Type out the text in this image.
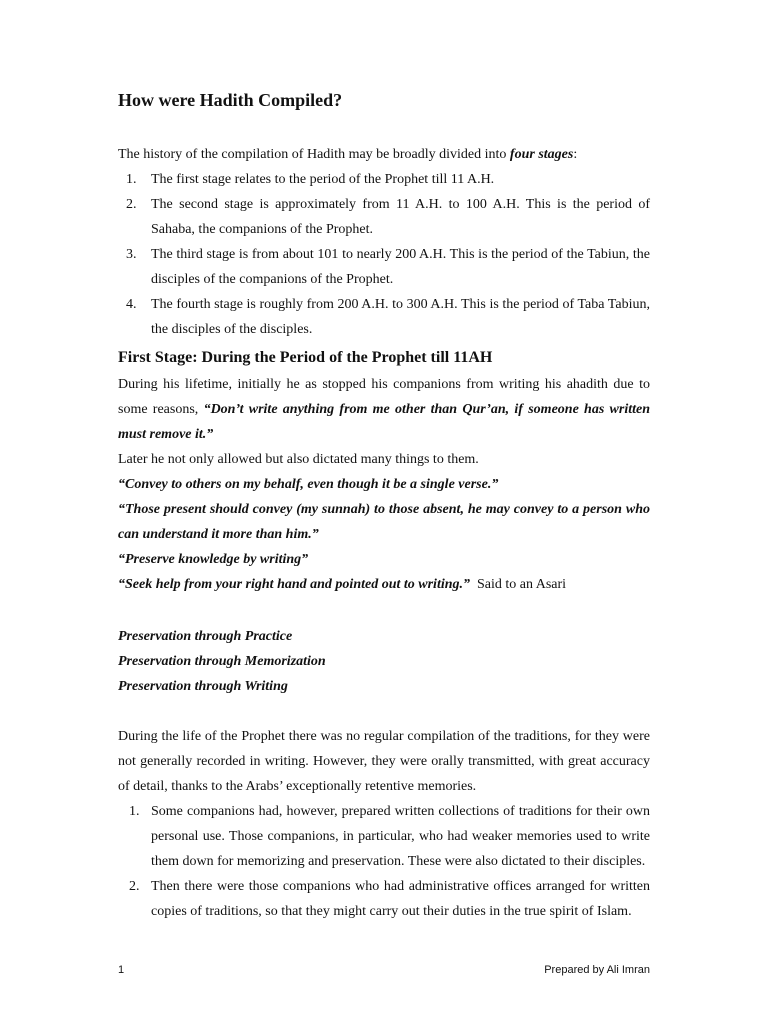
How were Hadith Compiled?

The history of the compilation of Hadith may be broadly divided into four stages:

1. The first stage relates to the period of the Prophet till 11 A.H.
2. The second stage is approximately from 11 A.H. to 100 A.H. This is the period of Sahaba, the companions of the Prophet.
3. The third stage is from about 101 to nearly 200 A.H. This is the period of the Tabiun, the disciples of the companions of the Prophet.
4. The fourth stage is roughly from 200 A.H. to 300 A.H. This is the period of Taba Tabiun, the disciples of the disciples.
First Stage: During the Period of the Prophet till 11AH

During his lifetime, initially he as stopped his companions from writing his ahadith due to some reasons, “Don’t write anything from me other than Qur’an, if someone has written must remove it.”

Later he not only allowed but also dictated many things to them.

“Convey to others on my behalf, even though it be a single verse.”

“Those present should convey (my sunnah) to those absent, he may convey to a person who can understand it more than him.”

“Preserve knowledge by writing”

“Seek help from your right hand and pointed out to writing.” Said to an Asari

Preservation through Practice

Preservation through Memorization

Preservation through Writing

During the life of the Prophet there was no regular compilation of the traditions, for they were not generally recorded in writing. However, they were orally transmitted, with great accuracy of detail, thanks to the Arabs’ exceptionally retentive memories.

1. Some companions had, however, prepared written collections of traditions for their own personal use. Those companions, in particular, who had weaker memories used to write them down for memorizing and preservation. These were also dictated to their disciples.
2. Then there were those companions who had administrative offices arranged for written copies of traditions, so that they might carry out their duties in the true spirit of Islam.
1	Prepared by Ali Imran
